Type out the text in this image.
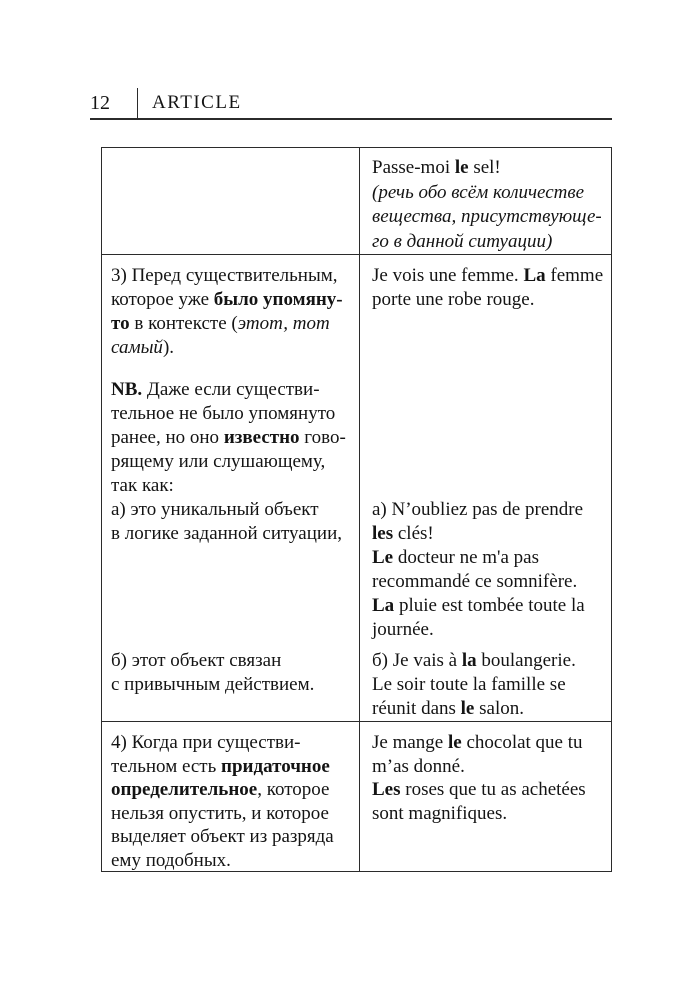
12	ARTICLE
Passe-moi le sel!
(речь обо всём количестве
вещества, присутствующе-
го в данной ситуации)
3) Перед существительным,
которое уже было упомяну-
то в контексте (этот, тот
самый).
Je vois une femme. La femme
porte une robe rouge.
NB. Даже если существи-
тельное не было упомянуто
ранее, но оно известно гово-
рящему или слушающему,
так как:
а) это уникальный объект
в логике заданной ситуации,
а) N’oubliez pas de prendre
les clés!
Le docteur ne m'a pas
recommandé ce somnifère.
La pluie est tombée toute la
journée.
б) этот объект связан
с привычным действием.
б) Je vais à la boulangerie.
Le soir toute la famille se
réunit dans le salon.
4) Когда при существи-
тельном есть придаточное
определительное, которое
нельзя опустить, и которое
выделяет объект из разряда
ему подобных.
Je mange le chocolat que tu
m’as donné.
Les roses que tu as achetées
sont magnifiques.
